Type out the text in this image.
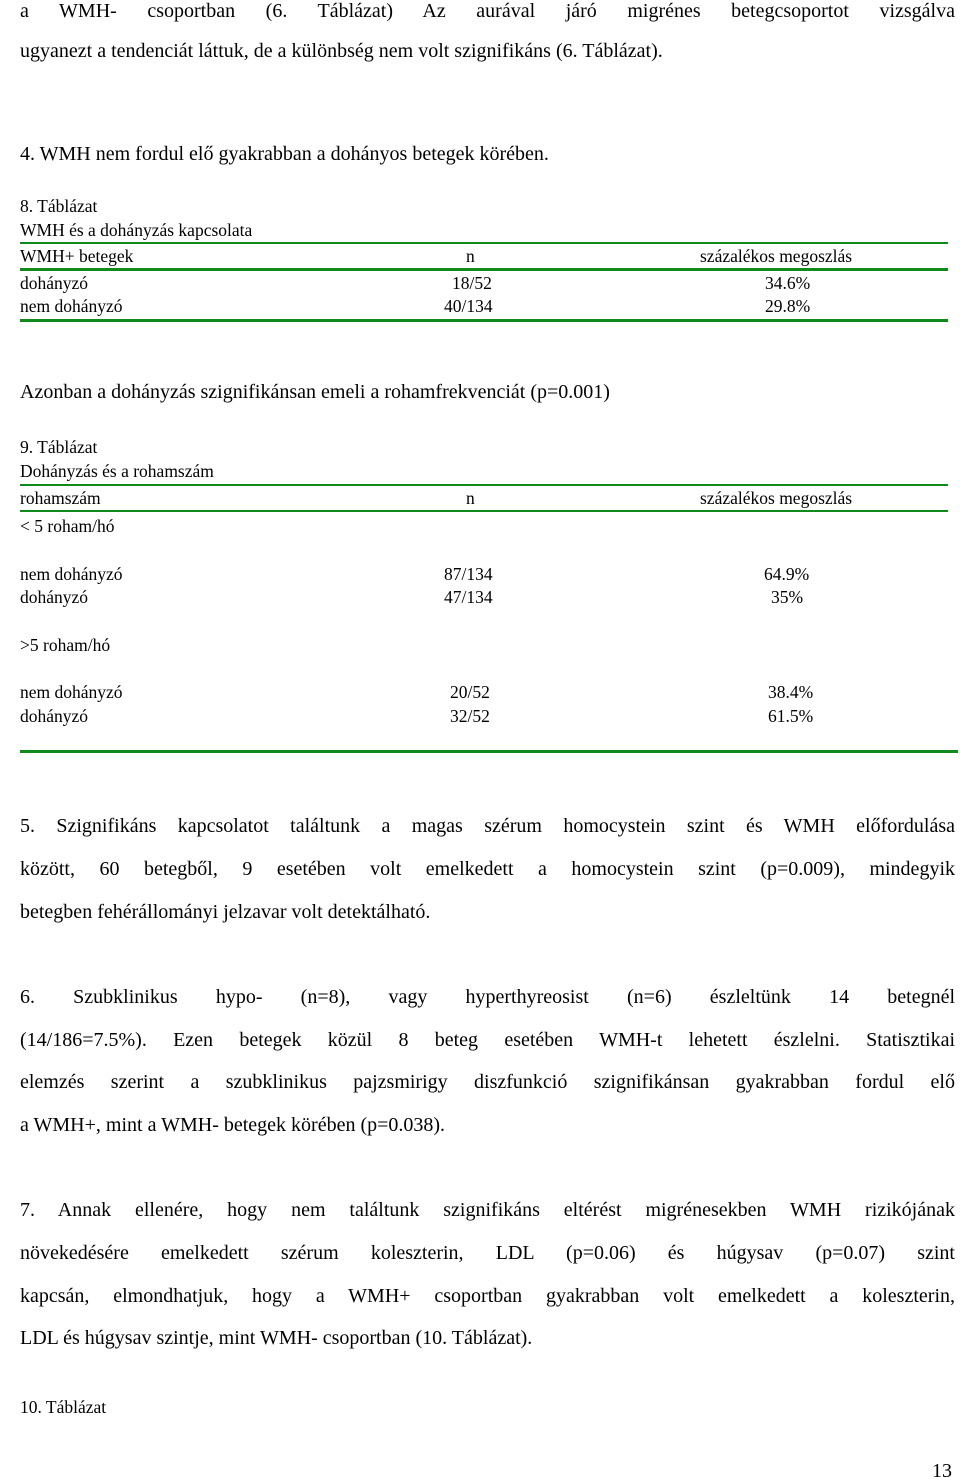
a WMH- csoportban (6. Táblázat) Az aurával járó migrénes betegcsoportot vizsgálva
ugyanezt a tendenciát láttuk, de a különbség nem volt szignifikáns (6. Táblázat).
4. WMH nem fordul elő gyakrabban a dohányos betegek körében.
8. Táblázat
WMH és a dohányzás kapcsolata
WMH+ betegek	n	százalékos megoszlás
dohányzó	18/52	34.6%
nem dohányzó	40/134	29.8%
Azonban a dohányzás szignifikánsan emeli a rohamfrekvenciát (p=0.001)
9. Táblázat
Dohányzás és a rohamszám
rohamszám	n	százalékos megoszlás
< 5 roham/hó
nem dohányzó	87/134	64.9%
dohányzó	47/134	35%
>5 roham/hó
nem dohányzó	20/52	38.4%
dohányzó	32/52	61.5%
5. Szignifikáns kapcsolatot találtunk a magas szérum homocystein szint és WMH előfordulása
között, 60 betegből, 9 esetében volt emelkedett a homocystein szint (p=0.009), mindegyik
betegben fehérállományi jelzavar volt detektálható.
6. Szubklinikus hypo- (n=8), vagy hyperthyreosist (n=6) észleltünk 14 betegnél
(14/186=7.5%). Ezen betegek közül 8 beteg esetében WMH-t lehetett észlelni. Statisztikai
elemzés szerint a szubklinikus pajzsmirigy diszfunkció szignifikánsan gyakrabban fordul elő
a WMH+, mint a WMH- betegek körében (p=0.038).
7. Annak ellenére, hogy nem találtunk szignifikáns eltérést migrénesekben WMH rizikójának
növekedésére emelkedett szérum koleszterin, LDL (p=0.06) és húgysav (p=0.07) szint
kapcsán, elmondhatjuk, hogy a WMH+ csoportban gyakrabban volt emelkedett a koleszterin,
LDL és húgysav szintje, mint WMH- csoportban (10. Táblázat).
10. Táblázat
13
